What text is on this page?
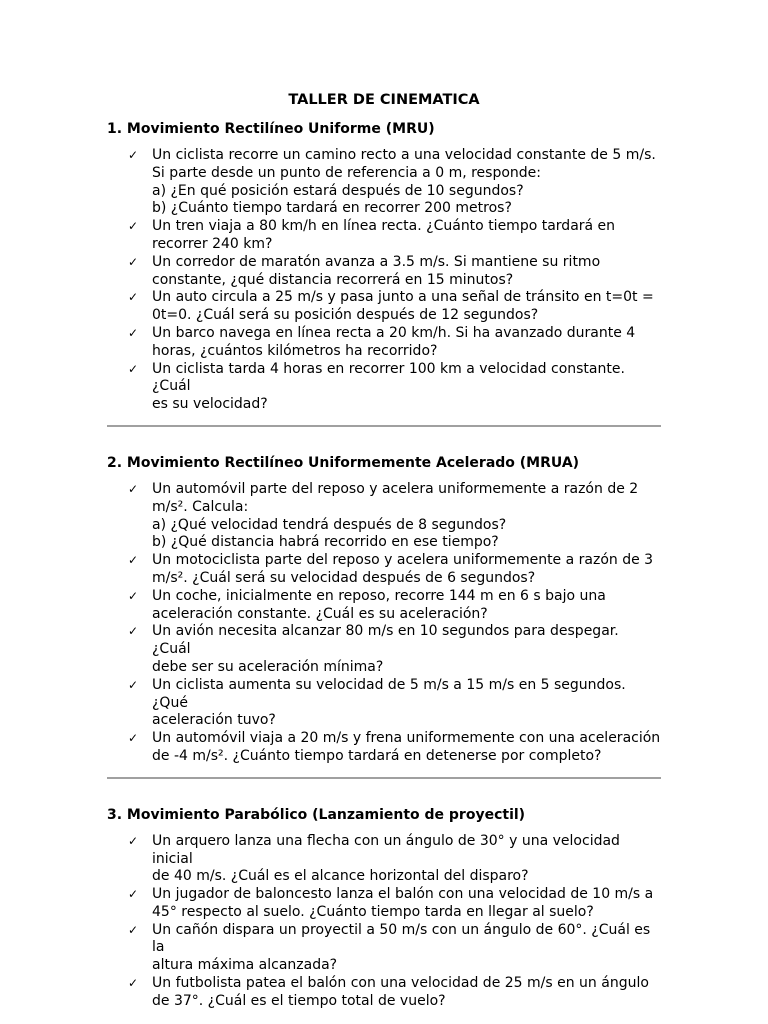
TALLER DE CINEMATICA
1. Movimiento Rectilíneo Uniforme (MRU)
✓ Un ciclista recorre un camino recto a una velocidad constante de 5 m/s.
Si parte desde un punto de referencia a 0 m, responde:
a) ¿En qué posición estará después de 10 segundos?
b) ¿Cuánto tiempo tardará en recorrer 200 metros?
✓ Un tren viaja a 80 km/h en línea recta. ¿Cuánto tiempo tardará en
recorrer 240 km?
✓ Un corredor de maratón avanza a 3.5 m/s. Si mantiene su ritmo
constante, ¿qué distancia recorrerá en 15 minutos?
✓ Un auto circula a 25 m/s y pasa junto a una señal de tránsito en t=0t =
0t=0. ¿Cuál será su posición después de 12 segundos?
✓ Un barco navega en línea recta a 20 km/h. Si ha avanzado durante 4
horas, ¿cuántos kilómetros ha recorrido?
✓ Un ciclista tarda 4 horas en recorrer 100 km a velocidad constante. ¿Cuál
es su velocidad?
2. Movimiento Rectilíneo Uniformemente Acelerado (MRUA)
✓ Un automóvil parte del reposo y acelera uniformemente a razón de 2
m/s². Calcula:
a) ¿Qué velocidad tendrá después de 8 segundos?
b) ¿Qué distancia habrá recorrido en ese tiempo?
✓ Un motociclista parte del reposo y acelera uniformemente a razón de 3
m/s². ¿Cuál será su velocidad después de 6 segundos?
✓ Un coche, inicialmente en reposo, recorre 144 m en 6 s bajo una
aceleración constante. ¿Cuál es su aceleración?
✓ Un avión necesita alcanzar 80 m/s en 10 segundos para despegar. ¿Cuál
debe ser su aceleración mínima?
✓ Un ciclista aumenta su velocidad de 5 m/s a 15 m/s en 5 segundos. ¿Qué
aceleración tuvo?
✓ Un automóvil viaja a 20 m/s y frena uniformemente con una aceleración
de -4 m/s². ¿Cuánto tiempo tardará en detenerse por completo?
3. Movimiento Parabólico (Lanzamiento de proyectil)
✓ Un arquero lanza una flecha con un ángulo de 30° y una velocidad inicial
de 40 m/s. ¿Cuál es el alcance horizontal del disparo?
✓ Un jugador de baloncesto lanza el balón con una velocidad de 10 m/s a
45° respecto al suelo. ¿Cuánto tiempo tarda en llegar al suelo?
✓ Un cañón dispara un proyectil a 50 m/s con un ángulo de 60°. ¿Cuál es la
altura máxima alcanzada?
✓ Un futbolista patea el balón con una velocidad de 25 m/s en un ángulo
de 37°. ¿Cuál es el tiempo total de vuelo?
